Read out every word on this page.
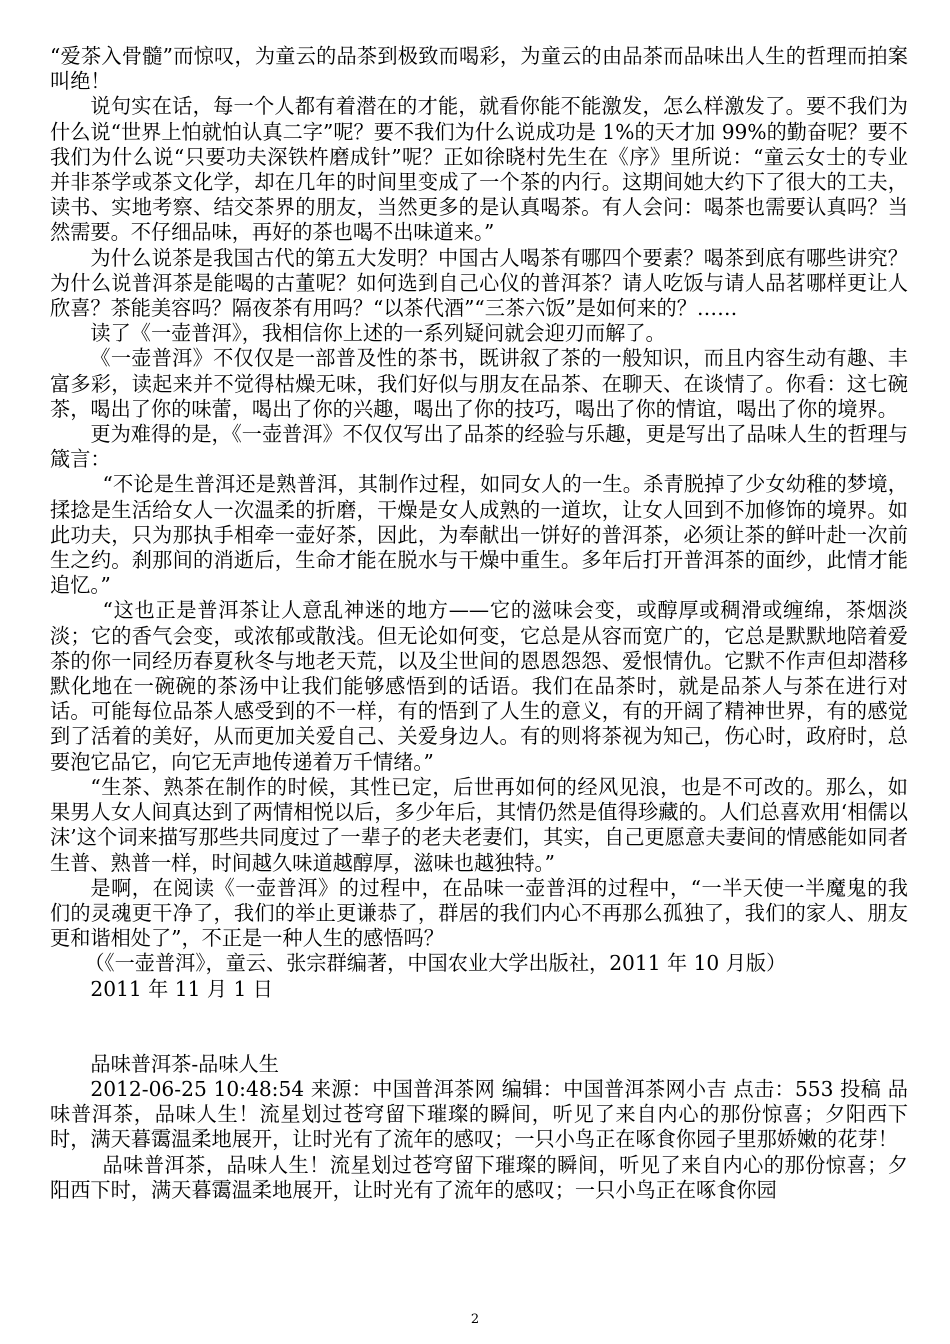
“爱茶入骨髓”而惊叹，为童云的品茶到极致而喝彩，为童云的由品茶而品味出人生的哲理而拍案叫绝！

说句实在话，每一个人都有着潜在的才能，就看你能不能激发，怎么样激发了。要不我们为什么说“世界上怕就怕认真二字”呢？要不我们为什么说成功是 1%的天才加 99%的勤奋呢？要不我们为什么说“只要功夫深铁杵磨成针”呢？正如徐晓村先生在《序》里所说：“童云女士的专业并非茶学或茶文化学，却在几年的时间里变成了一个茶的内行。这期间她大约下了很大的工夫，读书、实地考察、结交茶界的朋友，当然更多的是认真喝茶。有人会问：喝茶也需要认真吗？当然需要。不仔细品味，再好的茶也喝不出味道来。”

为什么说茶是我国古代的第五大发明？中国古人喝茶有哪四个要素？喝茶到底有哪些讲究？为什么说普洱茶是能喝的古董呢？如何选到自己心仪的普洱茶？请人吃饭与请人品茗哪样更让人欣喜？茶能美容吗？隔夜茶有用吗？“以茶代酒”“三茶六饭”是如何来的？……

读了《一壶普洱》，我相信你上述的一系列疑问就会迎刃而解了。

《一壶普洱》不仅仅是一部普及性的茶书，既讲叙了茶的一般知识，而且内容生动有趣、丰富多彩，读起来并不觉得枯燥无味，我们好似与朋友在品茶、在聊天、在谈情了。你看：这七碗茶，喝出了你的味蕾，喝出了你的兴趣，喝出了你的技巧，喝出了你的情谊，喝出了你的境界。

更为难得的是，《一壶普洱》不仅仅写出了品茶的经验与乐趣，更是写出了品味人生的哲理与箴言：

“不论是生普洱还是熟普洱，其制作过程，如同女人的一生。杀青脱掉了少女幼稚的梦境，揉捻是生活给女人一次温柔的折磨，干燥是女人成熟的一道坎，让女人回到不加修饰的境界。如此功夫，只为那执手相牵一壶好茶，因此，为奉献出一饼好的普洱茶，必须让茶的鲜叶赴一次前生之约。刹那间的消逝后，生命才能在脱水与干燥中重生。多年后打开普洱茶的面纱，此情才能追忆。”

“这也正是普洱茶让人意乱神迷的地方——它的滋味会变，或醇厚或稠滑或缠绵，茶烟淡淡；它的香气会变，或浓郁或散浅。但无论如何变，它总是从容而宽广的，它总是默默地陪着爱茶的你一同经历春夏秋冬与地老天荒，以及尘世间的恩恩怨怨、爱恨情仇。它默不作声但却潜移默化地在一碗碗的茶汤中让我们能够感悟到的话语。我们在品茶时，就是品茶人与茶在进行对话。可能每位品茶人感受到的不一样，有的悟到了人生的意义，有的开阔了精神世界，有的感觉到了活着的美好，从而更加关爱自己、关爱身边人。有的则将茶视为知己，伤心时，政府时，总要泡它品它，向它无声地传递着万千情绪。”

“生茶、熟茶在制作的时候，其性已定，后世再如何的经风见浪，也是不可改的。那么，如果男人女人间真达到了两情相悦以后，多少年后，其情仍然是值得珍藏的。人们总喜欢用‘相儒以沫’这个词来描写那些共同度过了一辈子的老夫老妻们，其实，自己更愿意夫妻间的情感能如同者生普、熟普一样，时间越久味道越醇厚，滋味也越独特。”

是啊，在阅读《一壶普洱》的过程中，在品味一壶普洱的过程中，“一半天使一半魔鬼的我们的灵魂更干净了，我们的举止更谦恭了，群居的我们内心不再那么孤独了，我们的家人、朋友更和谐相处了”，不正是一种人生的感悟吗？

（《一壶普洱》，童云、张宗群编著，中国农业大学出版社，2011 年 10 月版）

2011 年 11 月 1 日

品味普洱茶-品味人生

2012-06-25 10:48:54 来源：中国普洱茶网 编辑：中国普洱茶网小吉 点击：553 投稿 品味普洱茶，品味人生！流星划过苍穹留下璀璨的瞬间，听见了来自内心的那份惊喜；夕阳西下时，满天暮霭温柔地展开，让时光有了流年的感叹；一只小鸟正在啄食你园子里那娇嫩的花芽！

品味普洱茶，品味人生！流星划过苍穹留下璀璨的瞬间，听见了来自内心的那份惊喜；夕阳西下时，满天暮霭温柔地展开，让时光有了流年的感叹；一只小鸟正在啄食你园

2
